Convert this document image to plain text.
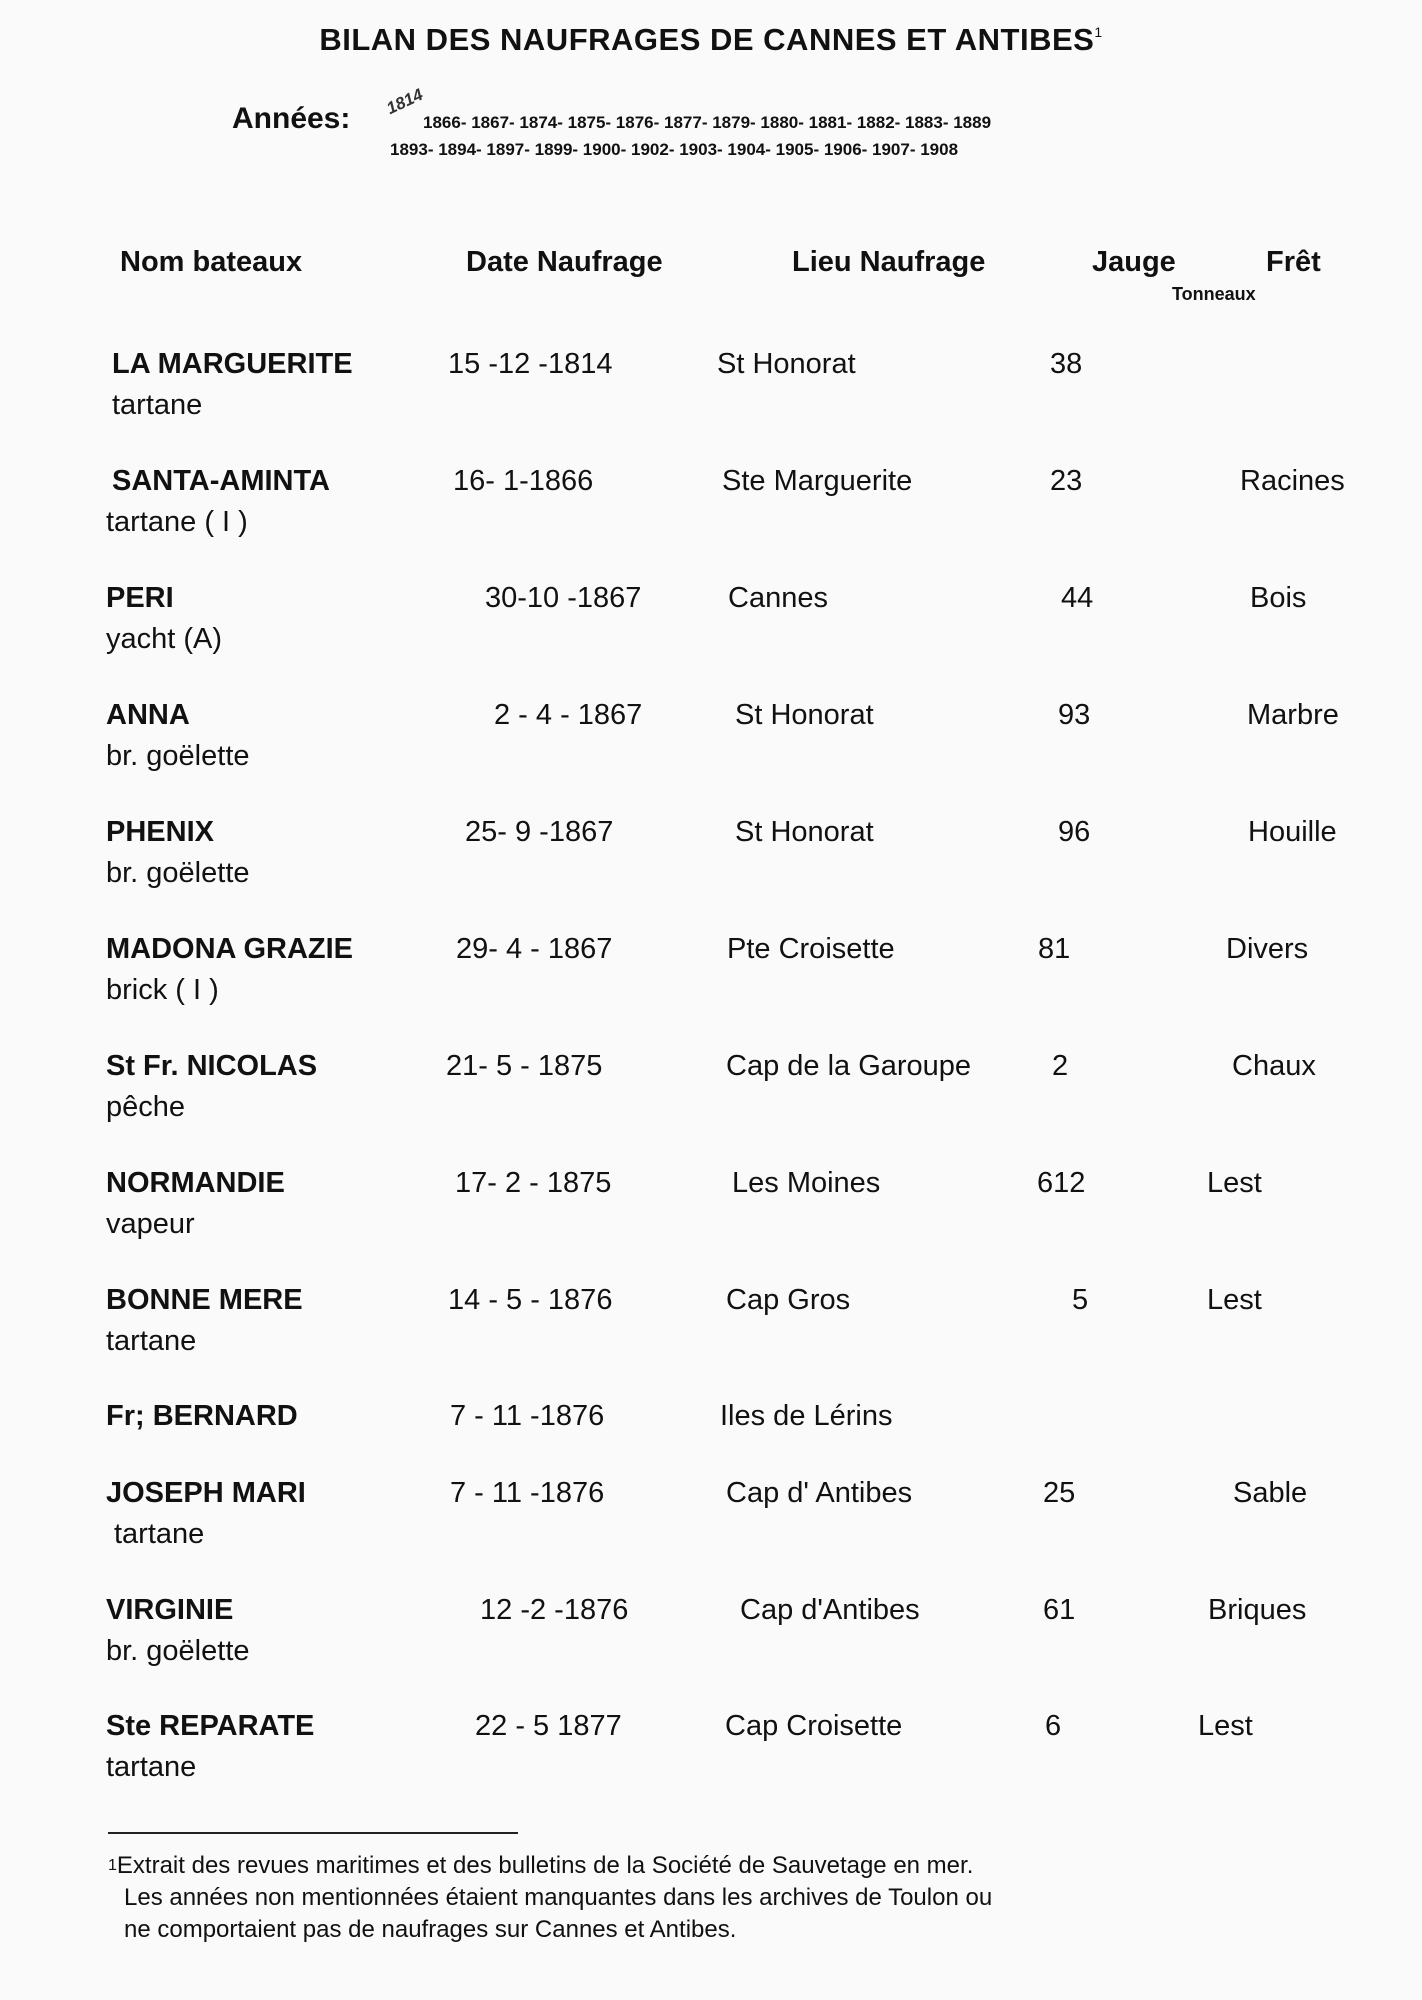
BILAN DES NAUFRAGES DE CANNES ET ANTIBES$^1$
Années:
1814
1866- 1867- 1874- 1875- 1876- 1877- 1879- 1880- 1881- 1882- 1883- 1889
1893- 1894- 1897- 1899- 1900- 1902- 1903- 1904- 1905- 1906- 1907- 1908
Nom bateaux	Date Naufrage	Lieu Naufrage	Jauge	Frêt
Tonneaux
LA MARGUERITE
tartane
15 -12 -1814	St Honorat	38
SANTA-AMINTA
tartane ( I )
16- 1-1866	Ste Marguerite	23	Racines
PERI
yacht (A)
30-10 -1867	Cannes	44	Bois
ANNA
br. goëlette
2 - 4 - 1867	St Honorat	93	Marbre
PHENIX
br. goëlette
25- 9 -1867	St Honorat	96	Houille
MADONA GRAZIE
brick ( I )
29- 4 - 1867	Pte Croisette	81	Divers
St Fr. NICOLAS
pêche
21- 5 - 1875	Cap de la Garoupe	2	Chaux
NORMANDIE
vapeur
17- 2 - 1875	Les Moines	612	Lest
BONNE MERE
tartane
14 - 5 - 1876	Cap Gros	5	Lest
Fr; BERNARD	7 - 11 -1876	Iles de Lérins
JOSEPH MARI
tartane
7 - 11 -1876	Cap d' Antibes	25	Sable
VIRGINIE
br. goëlette
12 -2 -1876	Cap d'Antibes	61	Briques
Ste REPARATE
tartane
22 - 5 1877	Cap Croisette	6	Lest
$^1$Extrait des revues maritimes et des bulletins de la Société de Sauvetage en mer.
Les années non mentionnées étaient manquantes dans les archives de Toulon ou
ne comportaient pas de naufrages sur Cannes et Antibes.
